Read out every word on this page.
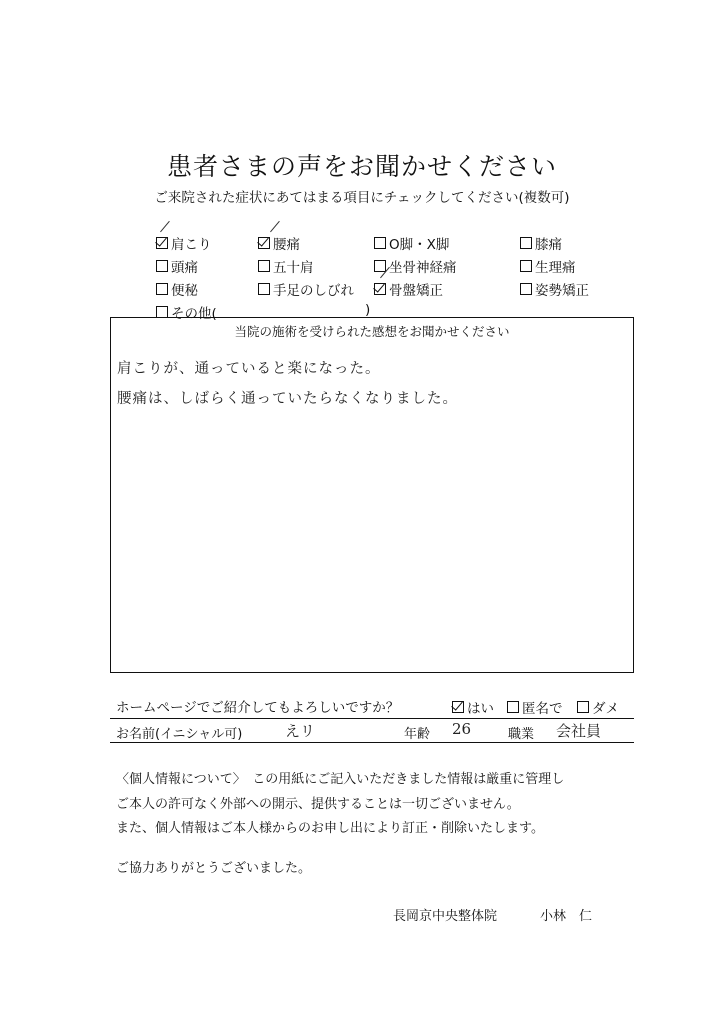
患者さまの声をお聞かせください
ご来院された症状にあてはまる項目にチェックしてください(複数可)
肩こり	腰痛	O脚・X脚	膝痛
頭痛	五十肩	坐骨神経痛	生理痛
便秘	手足のしびれ	骨盤矯正	姿勢矯正
その他(	)
当院の施術を受けられた感想をお聞かせください
肩こりが、通っていると楽になった。
腰痛は、しばらく通っていたらなくなりました。
ホームページでご紹介してもよろしいですか？	はい 匿名で ダメ
お名前(イニシャル可)	えリ	年齢 26	職業 会社員
〈個人情報について〉　この用紙にご記入いただきました情報は厳重に管理し
ご本人の許可なく外部への開示、提供することは一切ございません。
また、個人情報はご本人様からのお申し出により訂正・削除いたします。
ご協力ありがとうございました。
長岡京中央整体院	小林　仁
